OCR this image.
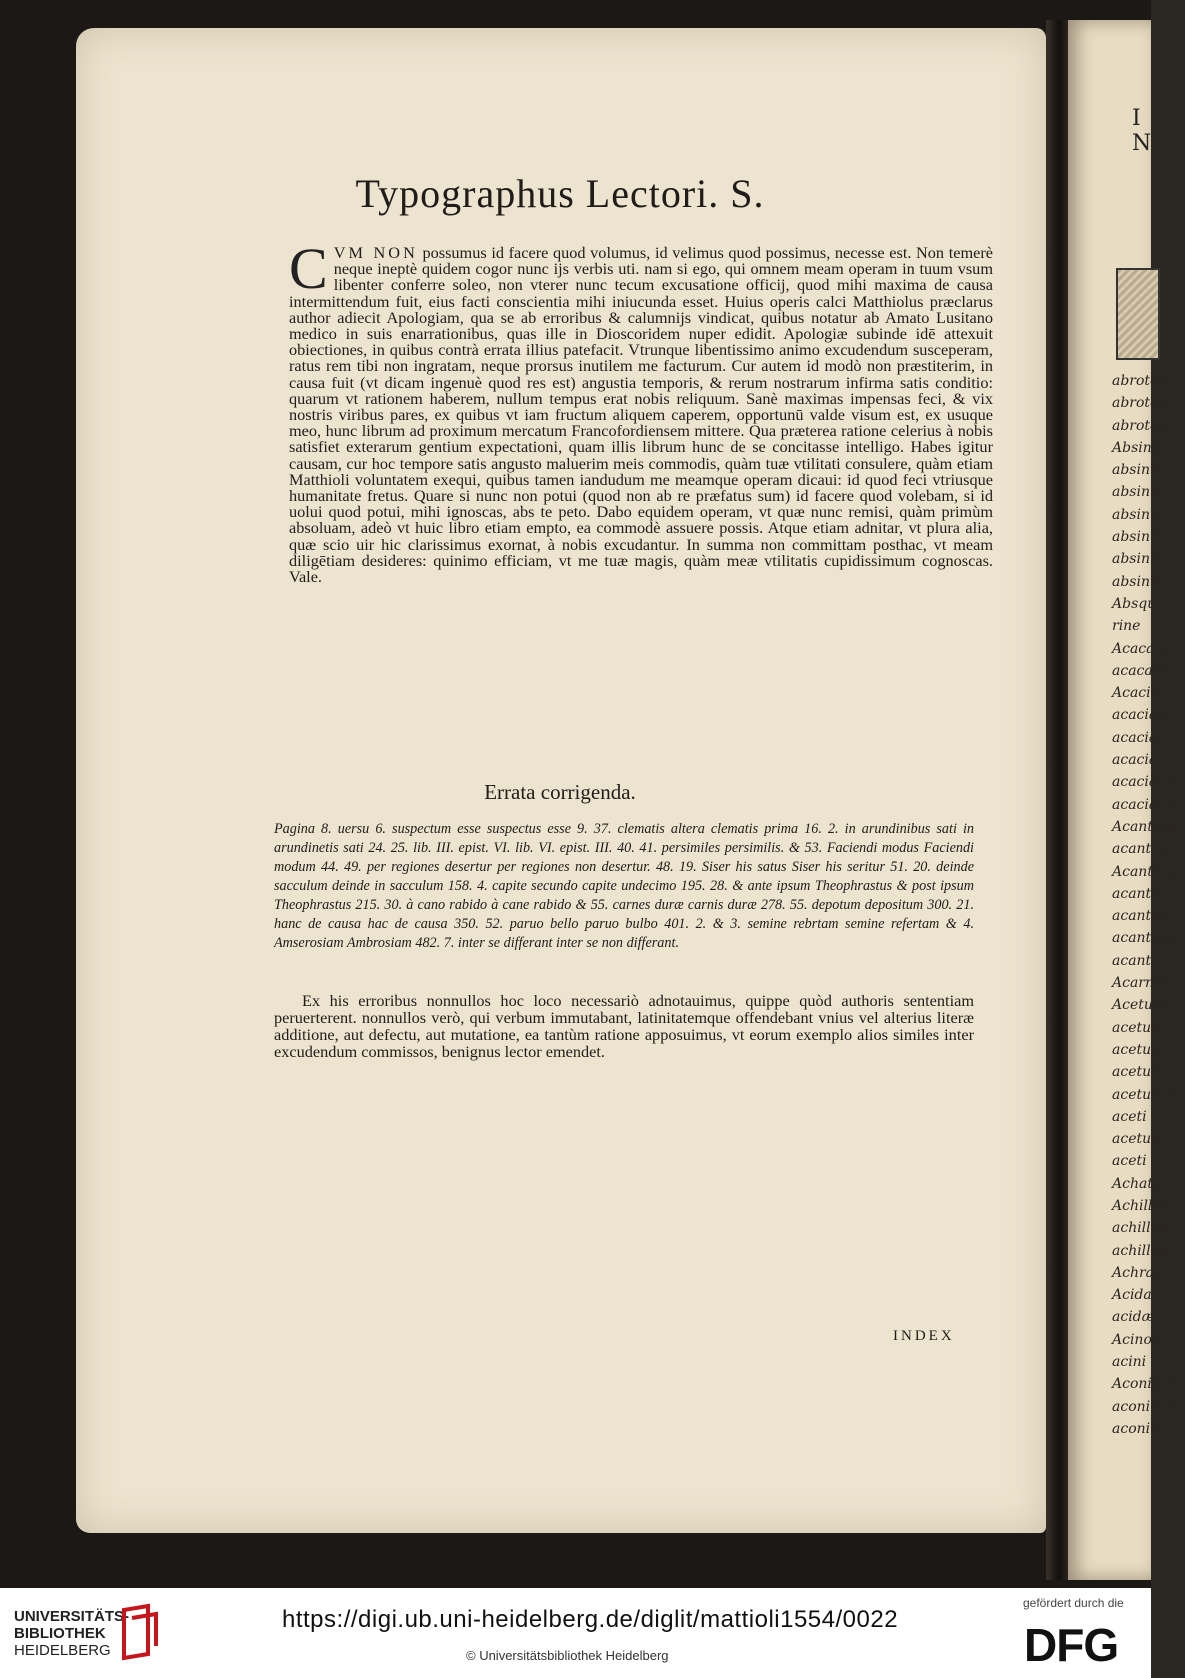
I N
abroton
abroton
abroton
Absinth
absinth
absinth
absinth
absinth
absinth
absinth
Absqu
rine
Acacalis
acacalis
Acacia
acacia al
acaciæ c
acacia o
acaciæ al
acaciæ ui
Acanthus
acanthij
Acanthus
acanthi
acanthiu
acanthus
acanthi
Acarnæ
Acetum
acetum
acetum
acetum
acetum ex
aceti
acetum
aceti
Achatæ
Achillea
achilleæ
achilleæ
Achras
Acida
acidæ
Acinos
acini
Aconitum
aconitum
aconiti
Typographus Lectori. S.
CVM NON possumus id facere quod volumus, id velimus quod possimus, necesse est. Non temerè neque ineptè quidem cogor nunc ijs verbis uti. nam si ego, qui omnem meam operam in tuum vsum libenter conferre soleo, non vterer nunc tecum excusatione officij, quod mihi maxima de causa intermittendum fuit, eius facti conscientia mihi iniucunda esset. Huius operis calci Matthiolus præclarus author adiecit Apologiam, qua se ab erroribus & calumnijs vindicat, quibus notatur ab Amato Lusitano medico in suis enarrationibus, quas ille in Dioscoridem nuper edidit. Apologiæ subinde idē attexuit obiectiones, in quibus contrà errata illius patefacit. Vtrunque libentissimo animo excudendum susceperam, ratus rem tibi non ingratam, neque prorsus inutilem me facturum. Cur autem id modò non præstiterim, in causa fuit (vt dicam ingenuè quod res est) angustia temporis, & rerum nostrarum infirma satis conditio: quarum vt rationem haberem, nullum tempus erat nobis reliquum. Sanè maximas impensas feci, & vix nostris viribus pares, ex quibus vt iam fructum aliquem caperem, opportunū valde visum est, ex usuque meo, hunc librum ad proximum mercatum Francofordiensem mittere. Qua præterea ratione celerius à nobis satisfiet exterarum gentium expectationi, quam illis librum hunc de se concitasse intelligo. Habes igitur causam, cur hoc tempore satis angusto maluerim meis commodis, quàm tuæ vtilitati consulere, quàm etiam Matthioli voluntatem exequi, quibus tamen iandudum me meamque operam dicaui: id quod feci vtriusque humanitate fretus. Quare si nunc non potui (quod non ab re præfatus sum) id facere quod volebam, si id uolui quod potui, mihi ignoscas, abs te peto. Dabo equidem operam, vt quæ nunc remisi, quàm primùm absoluam, adeò vt huic libro etiam empto, ea commodè assuere possis. Atque etiam adnitar, vt plura alia, quæ scio uir hic clarissimus exornat, à nobis excudantur. In summa non committam posthac, vt meam diligētiam desideres: quinimo efficiam, vt me tuæ magis, quàm meæ vtilitatis cupidissimum cognoscas. Vale.
Errata corrigenda.
Pagina 8. uersu 6. suspectum esse suspectus esse 9. 37. clematis altera clematis prima 16. 2. in arundinibus sati in arundinetis sati 24. 25. lib. III. epist. VI. lib. VI. epist. III. 40. 41. persimiles persimilis. & 53. Faciendi modus Faciendi modum 44. 49. per regiones desertur per regiones non desertur. 48. 19. Siser his satus Siser his seritur 51. 20. deinde sacculum deinde in sacculum 158. 4. capite secundo capite undecimo 195. 28. & ante ipsum Theophrastus & post ipsum Theophrastus 215. 30. à cano rabido à cane rabido & 55. carnes duræ carnis duræ 278. 55. depotum depositum 300. 21. hanc de causa hac de causa 350. 52. paruo bello paruo bulbo 401. 2. & 3. semine rebrtam semine refertam & 4. Amserosiam Ambrosiam 482. 7. inter se differant inter se non differant.
Ex his erroribus nonnullos hoc loco necessariò adnotauimus, quippe quòd authoris sententiam peruerterent. nonnullos verò, qui verbum immutabant, latinitatemque offendebant vnius vel alterius literæ additione, aut defectu, aut mutatione, ea tantùm ratione apposuimus, vt eorum exemplo alios similes inter excudendum commissos, benignus lector emendet.
INDEX
UNIVERSITÄTS-
BIBLIOTHEK
HEIDELBERG
https://digi.ub.uni-heidelberg.de/diglit/mattioli1554/0022
© Universitätsbibliothek Heidelberg
gefördert durch die
DFG
